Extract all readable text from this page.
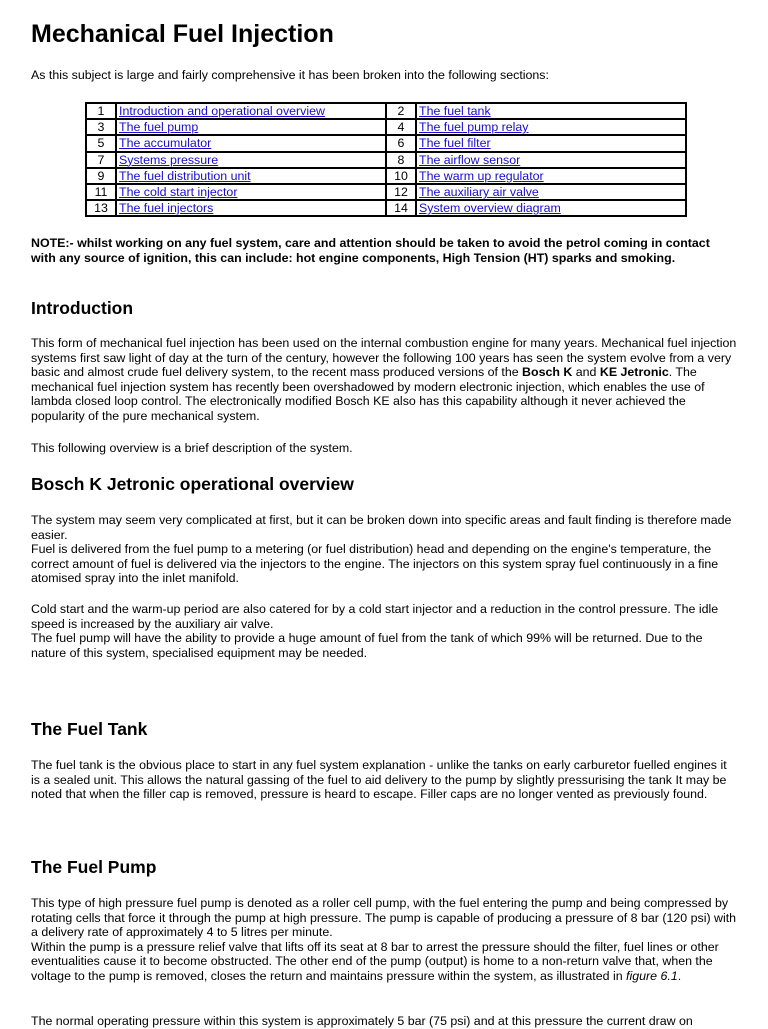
Mechanical Fuel Injection

As this subject is large and fairly comprehensive it has been broken into the following sections:

1	Introduction and operational overview	2	The fuel tank
3	The fuel pump	4	The fuel pump relay
5	The accumulator	6	The fuel filter
7	Systems pressure	8	The airflow sensor
9	The fuel distribution unit	10	The warm up regulator
11	The cold start injector	12	The auxiliary air valve
13	The fuel injectors	14	System overview diagram

NOTE:- whilst working on any fuel system, care and attention should be taken to avoid the petrol coming in contact with any source of ignition, this can include: hot engine components, High Tension (HT) sparks and smoking.

Introduction

This form of mechanical fuel injection has been used on the internal combustion engine for many years. Mechanical fuel injection systems first saw light of day at the turn of the century, however the following 100 years has seen the system evolve from a very basic and almost crude fuel delivery system, to the recent mass produced versions of the Bosch K and KE Jetronic. The mechanical fuel injection system has recently been overshadowed by modern electronic injection, which enables the use of lambda closed loop control. The electronically modified Bosch KE also has this capability although it never achieved the popularity of the pure mechanical system.

This following overview is a brief description of the system.

Bosch K Jetronic operational overview

The system may seem very complicated at first, but it can be broken down into specific areas and fault finding is therefore made easier.
Fuel is delivered from the fuel pump to a metering (or fuel distribution) head and depending on the engine's temperature, the correct amount of fuel is delivered via the injectors to the engine. The injectors on this system spray fuel continuously in a fine atomised spray into the inlet manifold.

Cold start and the warm-up period are also catered for by a cold start injector and a reduction in the control pressure. The idle speed is increased by the auxiliary air valve.
The fuel pump will have the ability to provide a huge amount of fuel from the tank of which 99% will be returned. Due to the nature of this system, specialised equipment may be needed.

The Fuel Tank

The fuel tank is the obvious place to start in any fuel system explanation - unlike the tanks on early carburetor fuelled engines it is a sealed unit. This allows the natural gassing of the fuel to aid delivery to the pump by slightly pressurising the tank It may be noted that when the filler cap is removed, pressure is heard to escape. Filler caps are no longer vented as previously found.

The Fuel Pump

This type of high pressure fuel pump is denoted as a roller cell pump, with the fuel entering the pump and being compressed by rotating cells that force it through the pump at high pressure. The pump is capable of producing a pressure of 8 bar (120 psi) with a delivery rate of approximately 4 to 5 litres per minute.
Within the pump is a pressure relief valve that lifts off its seat at 8 bar to arrest the pressure should the filter, fuel lines or other eventualities cause it to become obstructed. The other end of the pump (output) is home to a non-return valve that, when the voltage to the pump is removed, closes the return and maintains pressure within the system, as illustrated in figure 6.1.

The normal operating pressure within this system is approximately 5 bar (75 psi) and at this pressure the current draw on
